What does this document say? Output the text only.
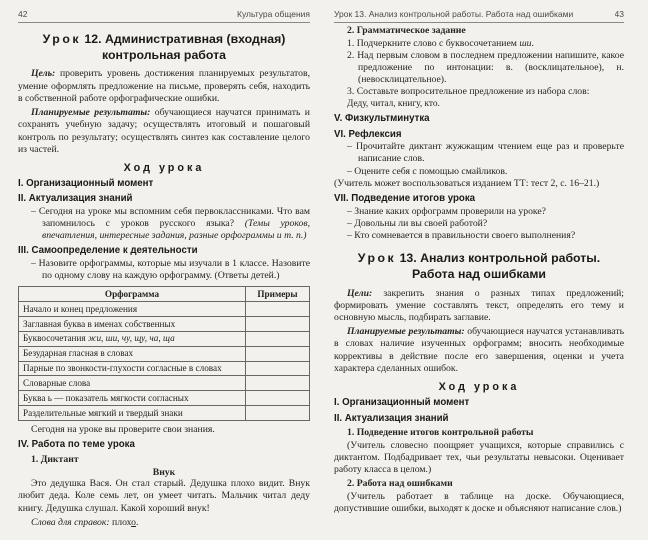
42	Культура общения
Урок 12. Административная (входная)
контрольная работа

Цель: проверить уровень достижения планируемых результатов, умение оформлять предложение на письме, проверять себя, находить в собственной работе орфографические ошибки.

Планируемые результаты: обучающиеся научатся принимать и сохранять учебную задачу; осуществлять итоговый и пошаговый контроль по результату; осуществлять синтез как составление целого из частей.

Ход урока
I. Организационный момент
II. Актуализация знаний

– Сегодня на уроке мы вспомним себя первоклассниками. Что вам запомнилось с уроков русского языка? (Темы уроков, впечатления, интересные задания, разные орфограммы и т. п.)

III. Самоопределение к деятельности

– Назовите орфограммы, которые мы изучали в 1 классе. Назовите по одному слову на каждую орфограмму. (Ответы детей.)

Орфограмма	Примеры
Начало и конец предложения	
Заглавная буква в именах собственных	
Буквосочетания жи, ши, чу, щу, ча, ща	
Безударная гласная в словах	
Парные по звонкости-глухости согласные в словах	
Словарные слова	
Буква ь — показатель мягкости согласных	
Разделительные мягкий и твердый знаки	

Сегодня на уроке вы проверите свои знания.

IV. Работа по теме урока
1. Диктант
Внук

Это дедушка Вася. Он стал старый. Дедушка плохо видит. Внук любит деда. Коле семь лет, он умеет читать. Мальчик читал деду книгу. Дедушка слушал. Какой хороший внук!

Слова для справок: плохо.

Урок 13. Анализ контрольной работы. Работа над ошибками	43
2. Грамматическое задание

1. Подчеркните слово с буквосочетанием ши.

2. Над первым словом в последнем предложении напишите, какое предложение по интонации: в. (восклицательное), н. (невосклицательное).

3. Составьте вопросительное предложение из набора слов:

Деду, читал, книгу, кто.

V. Физкультминутка
VI. Рефлексия

– Прочитайте диктант жужжащим чтением еще раз и проверьте написание слов.

– Оцените себя с помощью смайликов.

(Учитель может воспользоваться изданием ТТ: тест 2, с. 16–21.)

VII. Подведение итогов урока

– Знание каких орфограмм проверили на уроке?

– Довольны ли вы своей работой?

– Кто сомневается в правильности своего выполнения?

Урок 13. Анализ контрольной работы.
Работа над ошибками

Цели: закрепить знания о разных типах предложений; формировать умение составлять текст, определять его тему и основную мысль, подбирать заглавие.

Планируемые результаты: обучающиеся научатся устанавливать в словах наличие изученных орфограмм; вносить необходимые коррективы в действие после его завершения, оценки и учета характера сделанных ошибок.

Ход урока
I. Организационный момент
II. Актуализация знаний
1. Подведение итогов контрольной работы

(Учитель словесно поощряет учащихся, которые справились с диктантом. Подбадривает тех, чьи результаты невысоки. Оценивает работу класса в целом.)

2. Работа над ошибками

(Учитель работает в таблице на доске. Обучающиеся, допустившие ошибки, выходят к доске и объясняют написание слов.)
